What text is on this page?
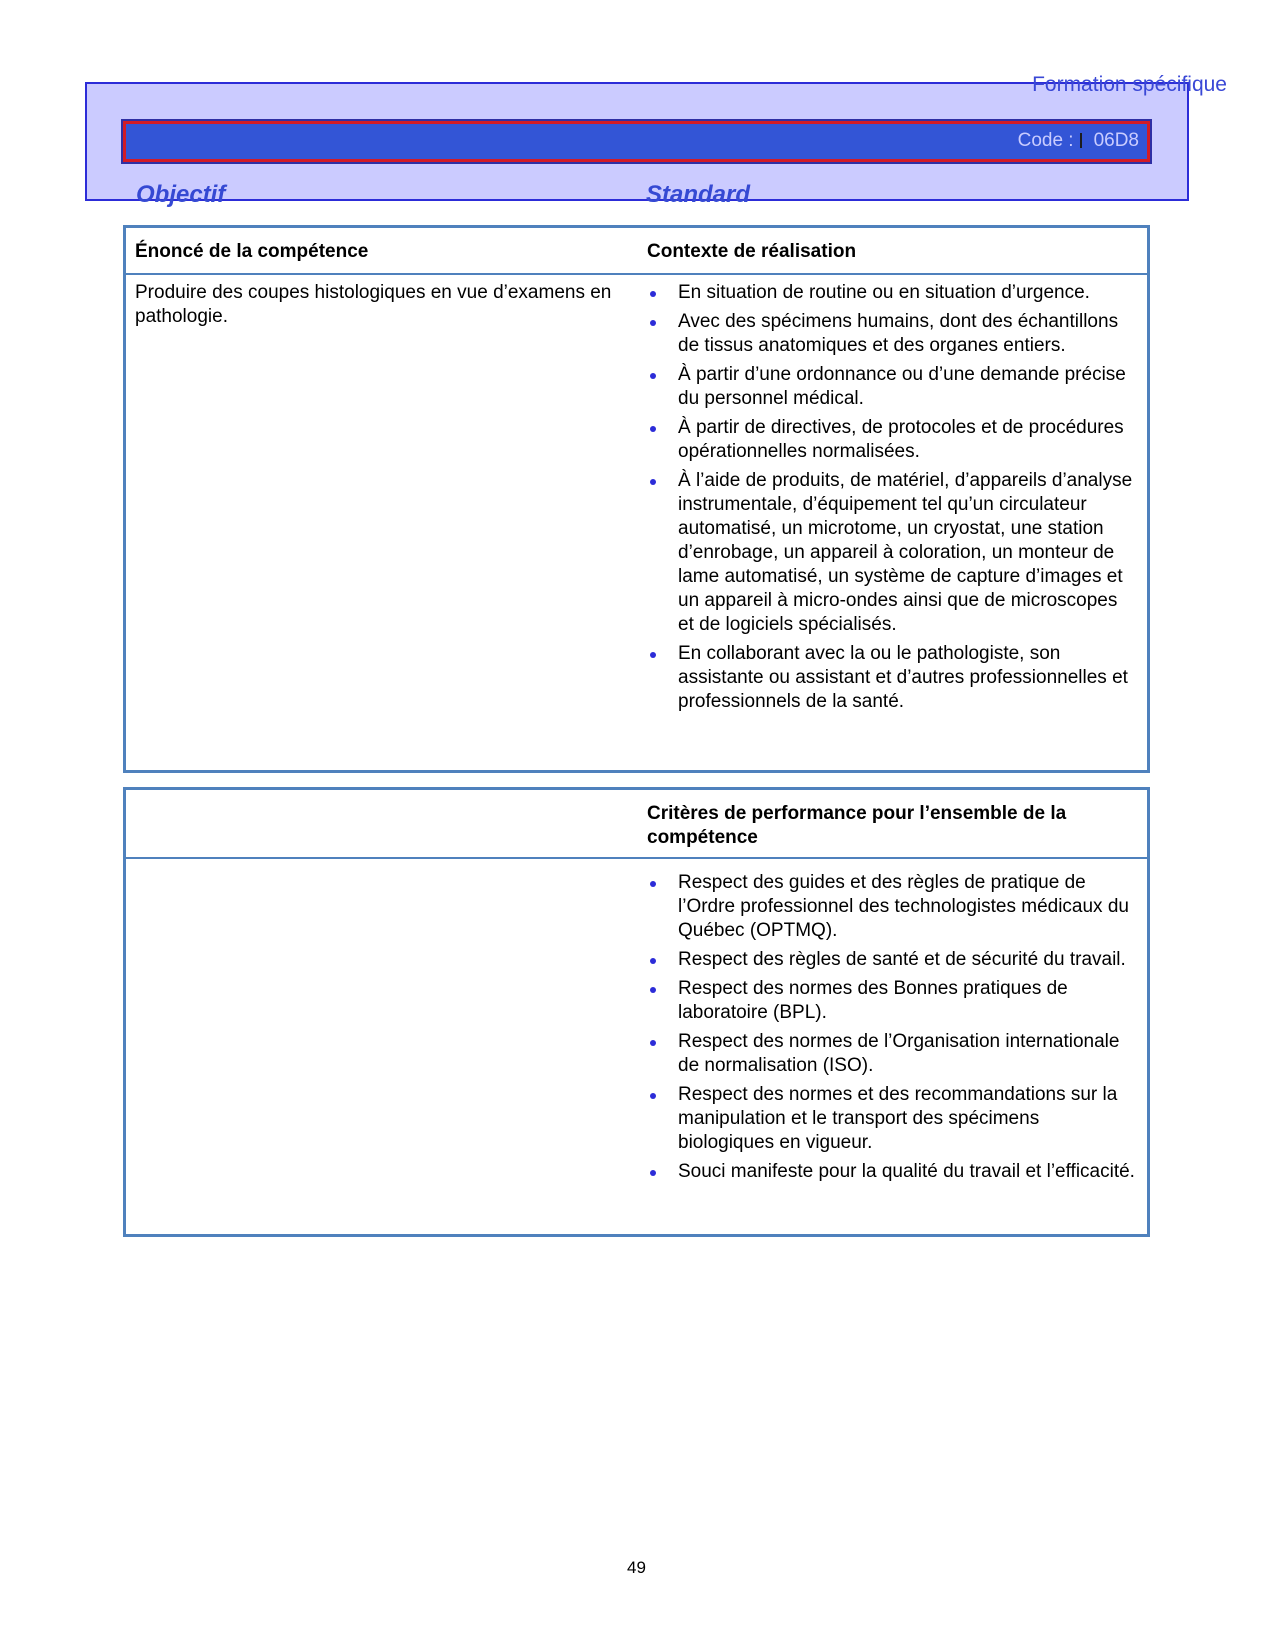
Formation spécifique
Code : 06D8
Objectif	Standard
Énoncé de la compétence	Contexte de réalisation
Produire des coupes histologiques en vue d’examens en pathologie.
En situation de routine ou en situation d’urgence.
Avec des spécimens humains, dont des échantillons de tissus anatomiques et des organes entiers.
À partir d’une ordonnance ou d’une demande précise du personnel médical.
À partir de directives, de protocoles et de procédures opérationnelles normalisées.
À l’aide de produits, de matériel, d’appareils d’analyse instrumentale, d’équipement tel qu’un circulateur automatisé, un microtome, un cryostat, une station d’enrobage, un appareil à coloration, un monteur de lame automatisé, un système de capture d’images et un appareil à micro-ondes ainsi que de microscopes et de logiciels spécialisés.
En collaborant avec la ou le pathologiste, son assistante ou assistant et d’autres professionnelles et professionnels de la santé.
Critères de performance pour l’ensemble de la compétence
Respect des guides et des règles de pratique de l’Ordre professionnel des technologistes médicaux du Québec (OPTMQ).
Respect des règles de santé et de sécurité du travail.
Respect des normes des Bonnes pratiques de laboratoire (BPL).
Respect des normes de l’Organisation internationale de normalisation (ISO).
Respect des normes et des recommandations sur la manipulation et le transport des spécimens biologiques en vigueur.
Souci manifeste pour la qualité du travail et l’efficacité.
49
